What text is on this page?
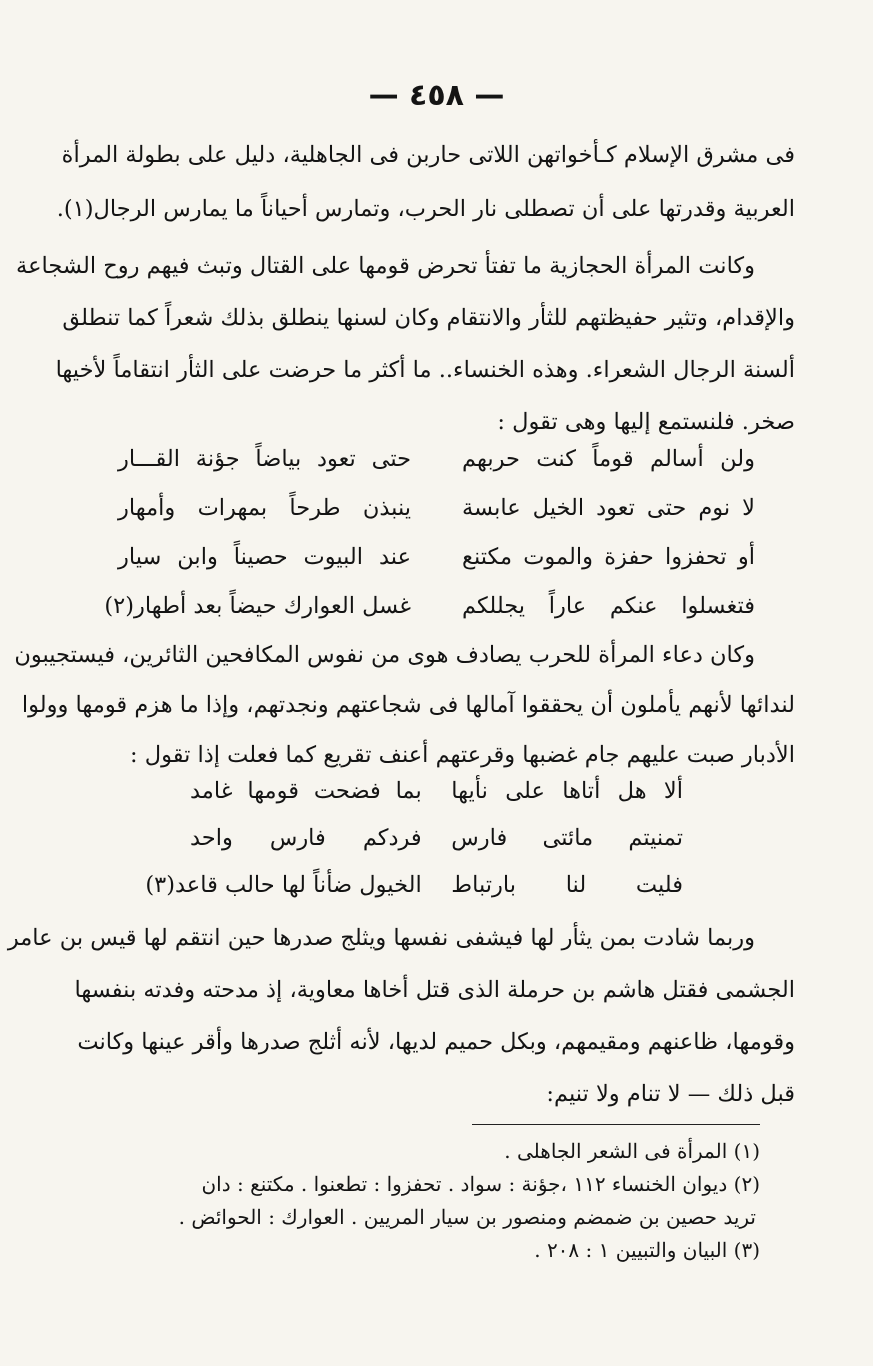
— ٤٥٨ —
فى مشرق الإسلام كـأخواتهن اللاتى حاربن فى الجاهلية، دليل على بطولة المرأة
العربية وقدرتها على أن تصطلى نار الحرب، وتمارس أحياناً ما يمارس الرجال(١).
وكانت المرأة الحجازية ما تفتأ تحرض قومها على القتال وتبث فيهم روح الشجاعة
والإقدام، وتثير حفيظتهم للثأر والانتقام وكان لسنها ينطلق بذلك شعراً كما تنطلق
ألسنة الرجال الشعراء. وهذه الخنساء.. ما أكثر ما حرضت على الثأر انتقاماً لأخيها
صخر. فلنستمع إليها وهى تقول :
ولن أسالم قوماً كنت حربهم
حتى تعود بياضاً جؤنة القـــار
لا نوم حتى تعود الخيل عابسة
ينبذن طرحاً بمهرات وأمهار
أو تحفزوا حفزة والموت مكتنع
عند البيوت حصيناً وابن سيار
فتغسلوا عنكم عاراً يجللكم
غسل العوارك حيضاً بعد أطهار(٢)
وكان دعاء المرأة للحرب يصادف هوى من نفوس المكافحين الثائرين، فيستجيبون
لندائها لأنهم يأملون أن يحققوا آمالها فى شجاعتهم ونجدتهم، وإذا ما هزم قومها وولوا
الأدبار صبت عليهم جام غضبها وقرعتهم أعنف تقريع كما فعلت إذا تقول :
ألا هل أتاها على نأيها
بما فضحت قومها غامد
تمنيتم مائتى فارس
فردكم فارس واحد
فليت لنا بارتباط
الخيول ضأناً لها حالب قاعد(٣)
وربما شادت بمن يثأر لها فيشفى نفسها ويثلج صدرها حين انتقم لها قيس بن عامر
الجشمى فقتل هاشم بن حرملة الذى قتل أخاها معاوية، إذ مدحته وفدته بنفسها
وقومها، ظاعنهم ومقيمهم، وبكل حميم لديها، لأنه أثلج صدرها وأقر عينها وكانت
قبل ذلك — لا تنام ولا تنيم:
(١) المرأة فى الشعر الجاهلى .
(٢) ديوان الخنساء ١١٢ ،جؤنة : سواد . تحفزوا : تطعنوا . مكتنع : دان
تريد حصين بن ضمضم ومنصور بن سيار المريين . العوارك : الحوائض .
(٣) البيان والتبيين ١ : ٢٠٨ .
